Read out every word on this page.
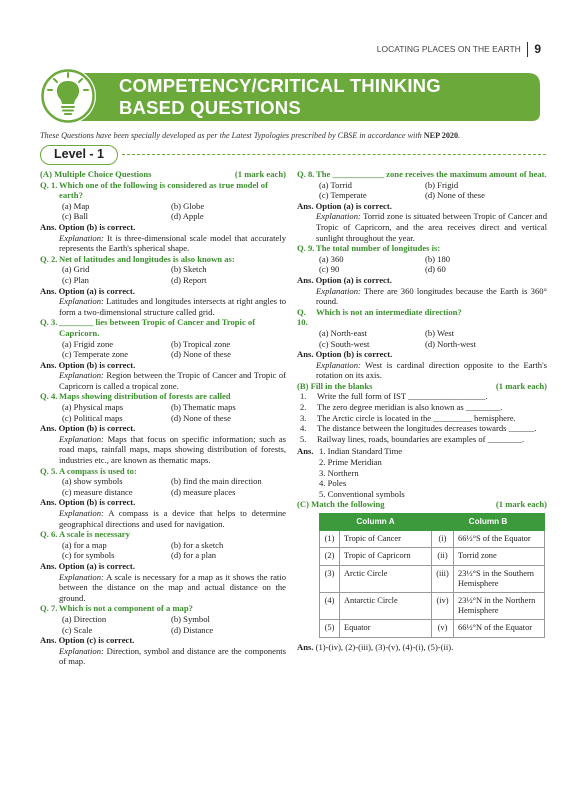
LOCATING PLACES ON THE EARTH 9
COMPETENCY/CRITICAL THINKING
BASED QUESTIONS
These Questions have been specially developed as per the Latest Typologies prescribed by CBSE in accordance with NEP 2020.
Level - 1
(A) Multiple Choice Questions	(1 mark each)
Q. 1. Which one of the following is considered as true model of earth?
(a) Map	(b) Globe
(c) Ball	(d) Apple
Ans. Option (b) is correct.
Explanation: It is three-dimensional scale model that accurately represents the Earth's spherical shape.
Q. 2. Net of latitudes and longitudes is also known as:
(a) Grid	(b) Sketch
(c) Plan	(d) Report
Ans. Option (a) is correct.
Explanation: Latitudes and longitudes intersects at right angles to form a two-dimensional structure called grid.
Q. 3. ________ lies between Tropic of Cancer and Tropic of Capricorn.
(a) Frigid zone	(b) Tropical zone
(c) Temperate zone	(d) None of these
Ans. Option (b) is correct.
Explanation: Region between the Tropic of Cancer and Tropic of Capricorn is called a tropical zone.
Q. 4. Maps showing distribution of forests are called
(a) Physical maps	(b) Thematic maps
(c) Political maps	(d) None of these
Ans. Option (b) is correct.
Explanation: Maps that focus on specific information; such as road maps, rainfall maps, maps showing distribution of forests, industries etc., are known as thematic maps.
Q. 5. A compass is used to:
(a) show symbols	(b) find the main direction
(c) measure distance	(d) measure places
Ans. Option (b) is correct.
Explanation: A compass is a device that helps to determine geographical directions and used for navigation.
Q. 6. A scale is necessary
(a) for a map	(b) for a sketch
(c) for symbols	(d) for a plan
Ans. Option (a) is correct.
Explanation: A scale is necessary for a map as it shows the ratio between the distance on the map and actual distance on the ground.
Q. 7. Which is not a component of a map?
(a) Direction	(b) Symbol
(c) Scale	(d) Distance
Ans. Option (c) is correct.
Explanation: Direction, symbol and distance are the components of map.
Q. 8. The ____________ zone receives the maximum amount of heat.
(a) Torrid	(b) Frigid
(c) Temperate	(d) None of these
Ans. Option (a) is correct.
Explanation: Torrid zone is situated between Tropic of Cancer and Tropic of Capricorn, and the area receives direct and vertical sunlight throughout the year.
Q. 9. The total number of longitudes is:
(a) 360	(b) 180
(c) 90	(d) 60
Ans. Option (a) is correct.
Explanation: There are 360 longitudes because the Earth is 360° round.
Q. 10.
Which is not an intermediate direction?
(a) North-east	(b) West
(c) South-west	(d) North-west
Ans. Option (b) is correct.
Explanation: West is cardinal direction opposite to the Earth's rotation on its axis.
(B) Fill in the blanks	(1 mark each)
1.	Write the full form of IST __________________.
2.	The zero degree meridian is also known as ________.
3.	The Arctic circle is located in the _________ hemisphere.
4.	The distance between the longitudes decreases towards ______.
5.	Railway lines, roads, boundaries are examples of ________.
Ans. 1. Indian Standard Time
2. Prime Meridian
3. Northern
4. Poles
5. Conventional symbols
(C) Match the following	(1 mark each)
Column A		Column B	
(1)	Tropic of Cancer	(i)	66½°S of the Equator
(2)	Tropic of Capricorn	(ii)	Torrid zone
(3)	Arctic Circle	(iii)	23½°S in the Southern Hemisphere
(4)	Antarctic Circle	(iv)	23½°N in the Northern Hemisphere
(5)	Equator	(v)	66½°N of the Equator
Ans. (1)-(iv), (2)-(iii), (3)-(v), (4)-(i), (5)-(ii).
